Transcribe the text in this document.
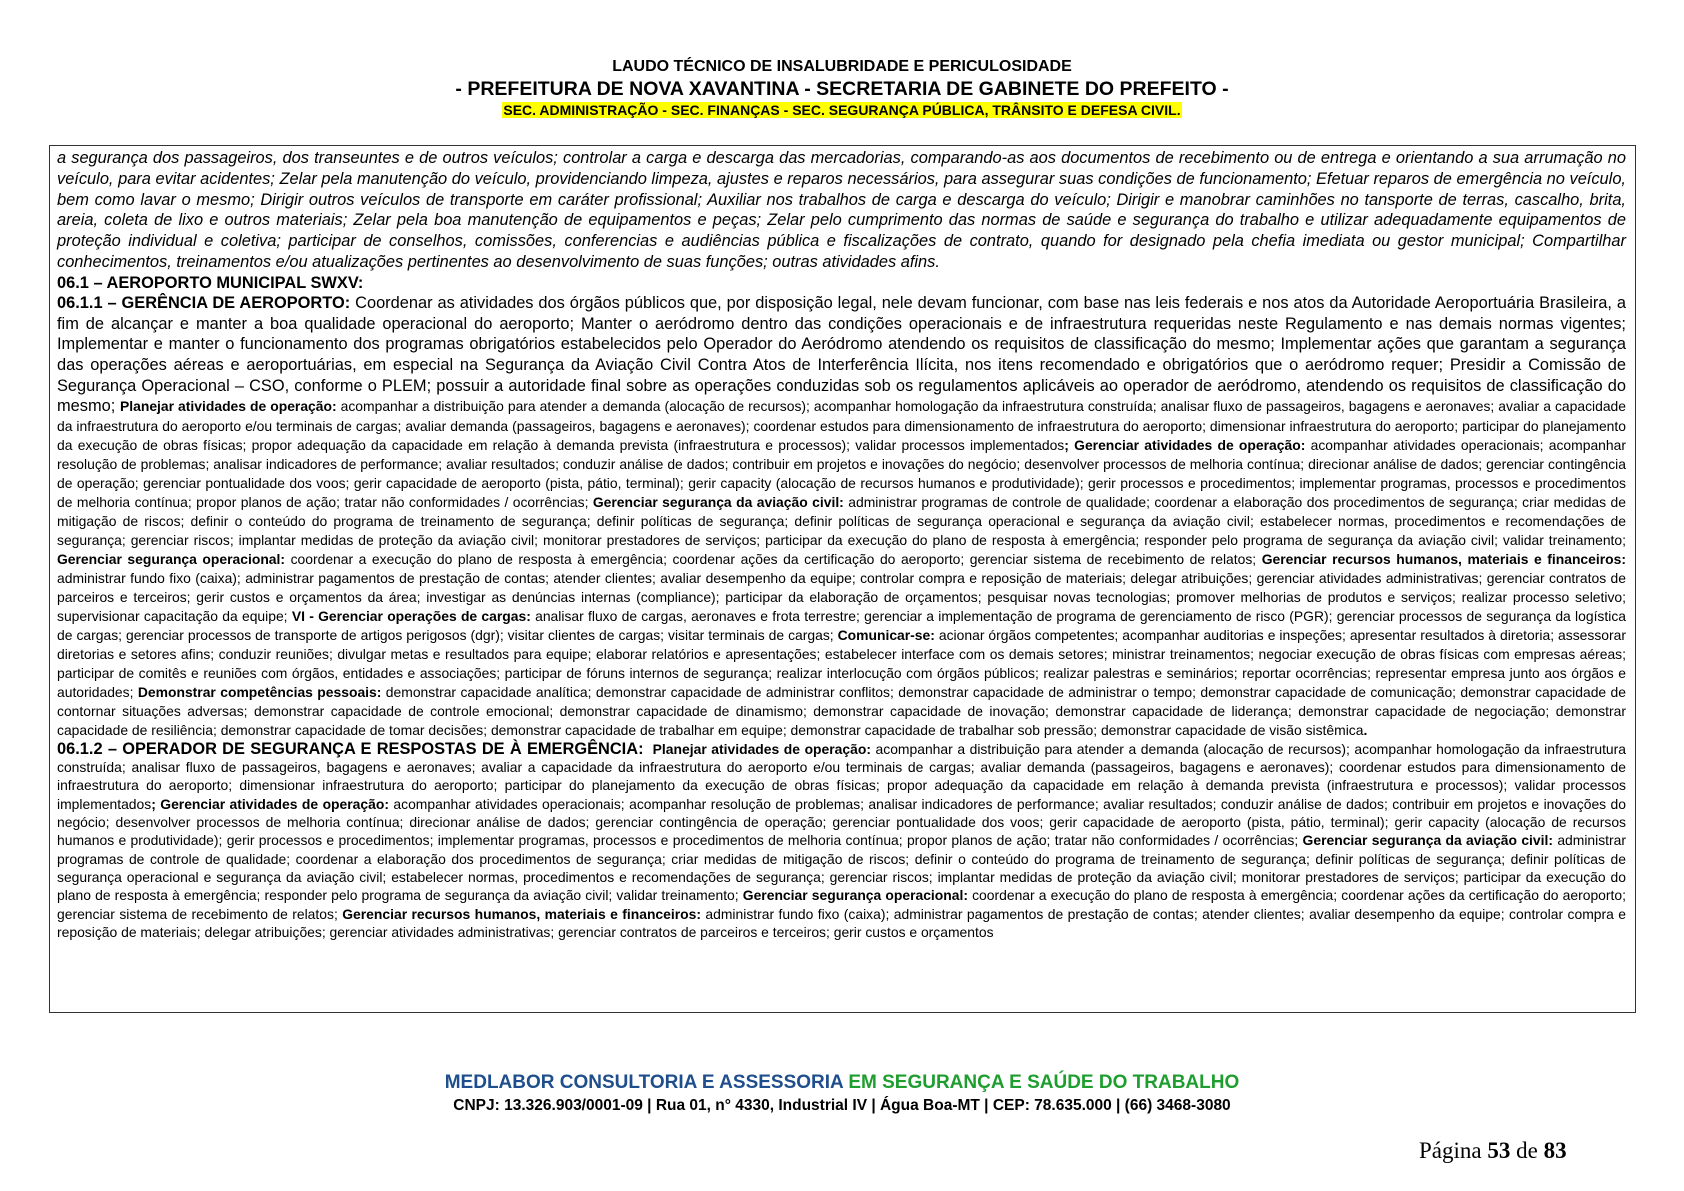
LAUDO TÉCNICO DE INSALUBRIDADE E PERICULOSIDADE
- PREFEITURA DE NOVA XAVANTINA - SECRETARIA DE GABINETE DO PREFEITO -
SEC. ADMINISTRAÇÃO - SEC. FINANÇAS - SEC. SEGURANÇA PÚBLICA, TRÂNSITO E DEFESA CIVIL.

a segurança dos passageiros, dos transeuntes e de outros veículos; controlar a carga e descarga das mercadorias, comparando-as aos documentos de recebimento ou de entrega e orientando a sua arrumação no veículo, para evitar acidentes; Zelar pela manutenção do veículo, providenciando limpeza, ajustes e reparos necessários, para assegurar suas condições de funcionamento; Efetuar reparos de emergência no veículo, bem como lavar o mesmo; Dirigir outros veículos de transporte em caráter profissional; Auxiliar nos trabalhos de carga e descarga do veículo; Dirigir e manobrar caminhões no tansporte de terras, cascalho, brita, areia, coleta de lixo e outros materiais; Zelar pela boa manutenção de equipamentos e peças; Zelar pelo cumprimento das normas de saúde e segurança do trabalho e utilizar adequadamente equipamentos de proteção individual e coletiva; participar de conselhos, comissões, conferencias e audiências pública e fiscalizações de contrato, quando for designado pela chefia imediata ou gestor municipal; Compartilhar conhecimentos, treinamentos e/ou atualizações pertinentes ao desenvolvimento de suas funções; outras atividades afins.

06.1 – AEROPORTO MUNICIPAL SWXV:

06.1.1 – GERÊNCIA DE AEROPORTO: Coordenar as atividades dos órgãos públicos que, por disposição legal, nele devam funcionar, com base nas leis federais e nos atos da Autoridade Aeroportuária Brasileira, a fim de alcançar e manter a boa qualidade operacional do aeroporto; Manter o aeródromo dentro das condições operacionais e de infraestrutura requeridas neste Regulamento e nas demais normas vigentes; Implementar e manter o funcionamento dos programas obrigatórios estabelecidos pelo Operador do Aeródromo atendendo os requisitos de classificação do mesmo; Implementar ações que garantam a segurança das operações aéreas e aeroportuárias, em especial na Segurança da Aviação Civil Contra Atos de Interferência Ilícita, nos itens recomendado e obrigatórios que o aeródromo requer; Presidir a Comissão de Segurança Operacional – CSO, conforme o PLEM; possuir a autoridade final sobre as operações conduzidas sob os regulamentos aplicáveis ao operador de aeródromo, atendendo os requisitos de classificação do mesmo; Planejar atividades de operação: acompanhar a distribuição para atender a demanda (alocação de recursos); acompanhar homologação da infraestrutura construída; analisar fluxo de passageiros, bagagens e aeronaves; avaliar a capacidade da infraestrutura do aeroporto e/ou terminais de cargas; avaliar demanda (passageiros, bagagens e aeronaves); coordenar estudos para dimensionamento de infraestrutura do aeroporto; dimensionar infraestrutura do aeroporto; participar do planejamento da execução de obras físicas; propor adequação da capacidade em relação à demanda prevista (infraestrutura e processos); validar processos implementados; Gerenciar atividades de operação: acompanhar atividades operacionais; acompanhar resolução de problemas; analisar indicadores de performance; avaliar resultados; conduzir análise de dados; contribuir em projetos e inovações do negócio; desenvolver processos de melhoria contínua; direcionar análise de dados; gerenciar contingência de operação; gerenciar pontualidade dos voos; gerir capacidade de aeroporto (pista, pátio, terminal); gerir capacity (alocação de recursos humanos e produtividade); gerir processos e procedimentos; implementar programas, processos e procedimentos de melhoria contínua; propor planos de ação; tratar não conformidades / ocorrências; Gerenciar segurança da aviação civil: administrar programas de controle de qualidade; coordenar a elaboração dos procedimentos de segurança; criar medidas de mitigação de riscos; definir o conteúdo do programa de treinamento de segurança; definir políticas de segurança; definir políticas de segurança operacional e segurança da aviação civil; estabelecer normas, procedimentos e recomendações de segurança; gerenciar riscos; implantar medidas de proteção da aviação civil; monitorar prestadores de serviços; participar da execução do plano de resposta à emergência; responder pelo programa de segurança da aviação civil; validar treinamento; Gerenciar segurança operacional: coordenar a execução do plano de resposta à emergência; coordenar ações da certificação do aeroporto; gerenciar sistema de recebimento de relatos; Gerenciar recursos humanos, materiais e financeiros: administrar fundo fixo (caixa); administrar pagamentos de prestação de contas; atender clientes; avaliar desempenho da equipe; controlar compra e reposição de materiais; delegar atribuições; gerenciar atividades administrativas; gerenciar contratos de parceiros e terceiros; gerir custos e orçamentos da área; investigar as denúncias internas (compliance); participar da elaboração de orçamentos; pesquisar novas tecnologias; promover melhorias de produtos e serviços; realizar processo seletivo; supervisionar capacitação da equipe; VI - Gerenciar operações de cargas: analisar fluxo de cargas, aeronaves e frota terrestre; gerenciar a implementação de programa de gerenciamento de risco (PGR); gerenciar processos de segurança da logística de cargas; gerenciar processos de transporte de artigos perigosos (dgr); visitar clientes de cargas; visitar terminais de cargas; Comunicar-se: acionar órgãos competentes; acompanhar auditorias e inspeções; apresentar resultados à diretoria; assessorar diretorias e setores afins; conduzir reuniões; divulgar metas e resultados para equipe; elaborar relatórios e apresentações; estabelecer interface com os demais setores; ministrar treinamentos; negociar execução de obras físicas com empresas aéreas; participar de comitês e reuniões com órgãos, entidades e associações; participar de fóruns internos de segurança; realizar interlocução com órgãos públicos; realizar palestras e seminários; reportar ocorrências; representar empresa junto aos órgãos e autoridades; Demonstrar competências pessoais: demonstrar capacidade analítica; demonstrar capacidade de administrar conflitos; demonstrar capacidade de administrar o tempo; demonstrar capacidade de comunicação; demonstrar capacidade de contornar situações adversas; demonstrar capacidade de controle emocional; demonstrar capacidade de dinamismo; demonstrar capacidade de inovação; demonstrar capacidade de liderança; demonstrar capacidade de negociação; demonstrar capacidade de resiliência; demonstrar capacidade de tomar decisões; demonstrar capacidade de trabalhar em equipe; demonstrar capacidade de trabalhar sob pressão; demonstrar capacidade de visão sistêmica.

06.1.2 – OPERADOR DE SEGURANÇA E RESPOSTAS DE À EMERGÊNCIA: Planejar atividades de operação: acompanhar a distribuição para atender a demanda (alocação de recursos); acompanhar homologação da infraestrutura construída; analisar fluxo de passageiros, bagagens e aeronaves; avaliar a capacidade da infraestrutura do aeroporto e/ou terminais de cargas; avaliar demanda (passageiros, bagagens e aeronaves); coordenar estudos para dimensionamento de infraestrutura do aeroporto; dimensionar infraestrutura do aeroporto; participar do planejamento da execução de obras físicas; propor adequação da capacidade em relação à demanda prevista (infraestrutura e processos); validar processos implementados; Gerenciar atividades de operação: acompanhar atividades operacionais; acompanhar resolução de problemas; analisar indicadores de performance; avaliar resultados; conduzir análise de dados; contribuir em projetos e inovações do negócio; desenvolver processos de melhoria contínua; direcionar análise de dados; gerenciar contingência de operação; gerenciar pontualidade dos voos; gerir capacidade de aeroporto (pista, pátio, terminal); gerir capacity (alocação de recursos humanos e produtividade); gerir processos e procedimentos; implementar programas, processos e procedimentos de melhoria contínua; propor planos de ação; tratar não conformidades / ocorrências; Gerenciar segurança da aviação civil: administrar programas de controle de qualidade; coordenar a elaboração dos procedimentos de segurança; criar medidas de mitigação de riscos; definir o conteúdo do programa de treinamento de segurança; definir políticas de segurança; definir políticas de segurança operacional e segurança da aviação civil; estabelecer normas, procedimentos e recomendações de segurança; gerenciar riscos; implantar medidas de proteção da aviação civil; monitorar prestadores de serviços; participar da execução do plano de resposta à emergência; responder pelo programa de segurança da aviação civil; validar treinamento; Gerenciar segurança operacional: coordenar a execução do plano de resposta à emergência; coordenar ações da certificação do aeroporto; gerenciar sistema de recebimento de relatos; Gerenciar recursos humanos, materiais e financeiros: administrar fundo fixo (caixa); administrar pagamentos de prestação de contas; atender clientes; avaliar desempenho da equipe; controlar compra e reposição de materiais; delegar atribuições; gerenciar atividades administrativas; gerenciar contratos de parceiros e terceiros; gerir custos e orçamentos

MEDLABOR CONSULTORIA E ASSESSORIA EM SEGURANÇA E SAÚDE DO TRABALHO
CNPJ: 13.326.903/0001-09 | Rua 01, n° 4330, Industrial IV | Água Boa-MT | CEP: 78.635.000 | (66) 3468-3080
Página 53 de 83
